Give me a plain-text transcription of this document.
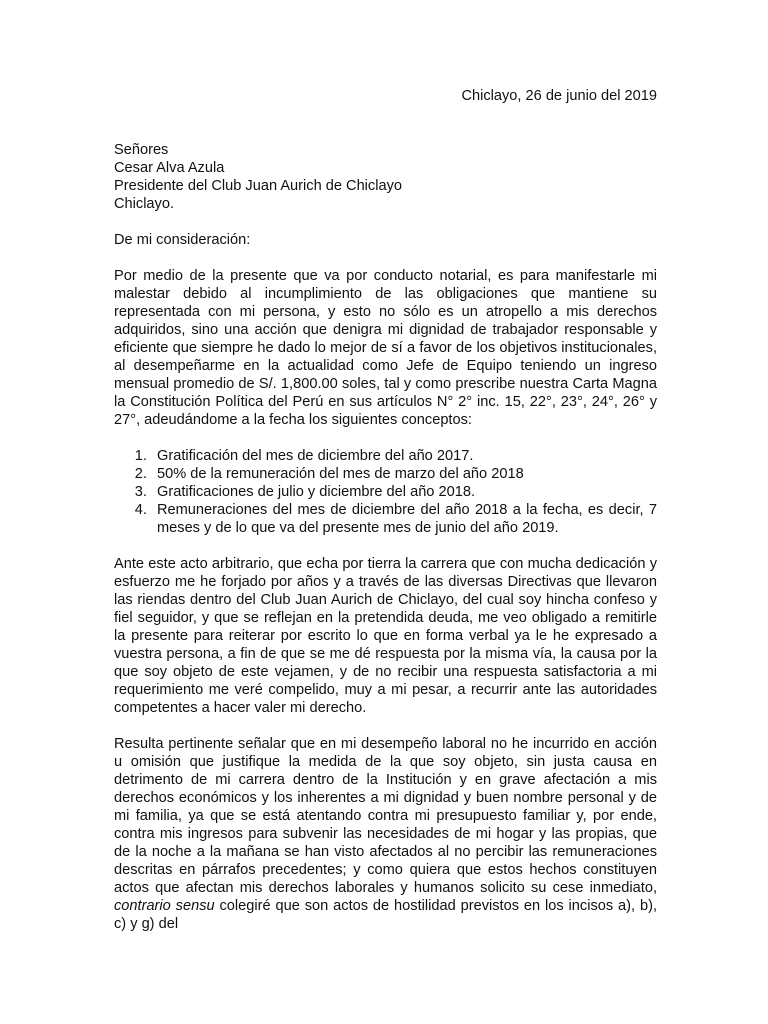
Chiclayo, 26 de junio del 2019
Señores
Cesar Alva Azula
Presidente del Club Juan Aurich de Chiclayo
Chiclayo.
De mi consideración:

Por medio de la presente que va por conducto notarial, es para manifestarle mi malestar debido al incumplimiento de las obligaciones que mantiene su representada con mi persona, y esto no sólo es un atropello a mis derechos adquiridos, sino una acción que denigra mi dignidad de trabajador responsable y eficiente que siempre he dado lo mejor de sí a favor de los objetivos institucionales, al desempeñarme en la actualidad como Jefe de Equipo teniendo un ingreso mensual promedio de S/. 1,800.00 soles, tal y como prescribe nuestra Carta Magna la Constitución Política del Perú en sus artículos N° 2° inc. 15, 22°, 23°, 24°, 26° y 27°, adeudándome a la fecha los siguientes conceptos:

1. Gratificación del mes de diciembre del año 2017.
2. 50% de la remuneración del mes de marzo del año 2018
3. Gratificaciones de julio y diciembre del año 2018.
4. Remuneraciones del mes de diciembre del año 2018 a la fecha, es decir, 7 meses y de lo que va del presente mes de junio del año 2019.

Ante este acto arbitrario, que echa por tierra la carrera que con mucha dedicación y esfuerzo me he forjado por años y a través de las diversas Directivas que llevaron las riendas dentro del Club Juan Aurich de Chiclayo, del cual soy hincha confeso y fiel seguidor, y que se reflejan en la pretendida deuda, me veo obligado a remitirle la presente para reiterar por escrito lo que en forma verbal ya le he expresado a vuestra persona, a fin de que se me dé respuesta por la misma vía, la causa por la que soy objeto de este vejamen, y de no recibir una respuesta satisfactoria a mi requerimiento me veré compelido, muy a mi pesar, a recurrir ante las autoridades competentes a hacer valer mi derecho.

Resulta pertinente señalar que en mi desempeño laboral no he incurrido en acción u omisión que justifique la medida de la que soy objeto, sin justa causa en detrimento de mi carrera dentro de la Institución y en grave afectación a mis derechos económicos y los inherentes a mi dignidad y buen nombre personal y de mi familia, ya que se está atentando contra mi presupuesto familiar y, por ende, contra mis ingresos para subvenir las necesidades de mi hogar y las propias, que de la noche a la mañana se han visto afectados al no percibir las remuneraciones descritas en párrafos precedentes; y como quiera que estos hechos constituyen actos que afectan mis derechos laborales y humanos solicito su cese inmediato, contrario sensu colegiré que son actos de hostilidad previstos en los incisos a), b), c) y g) del
